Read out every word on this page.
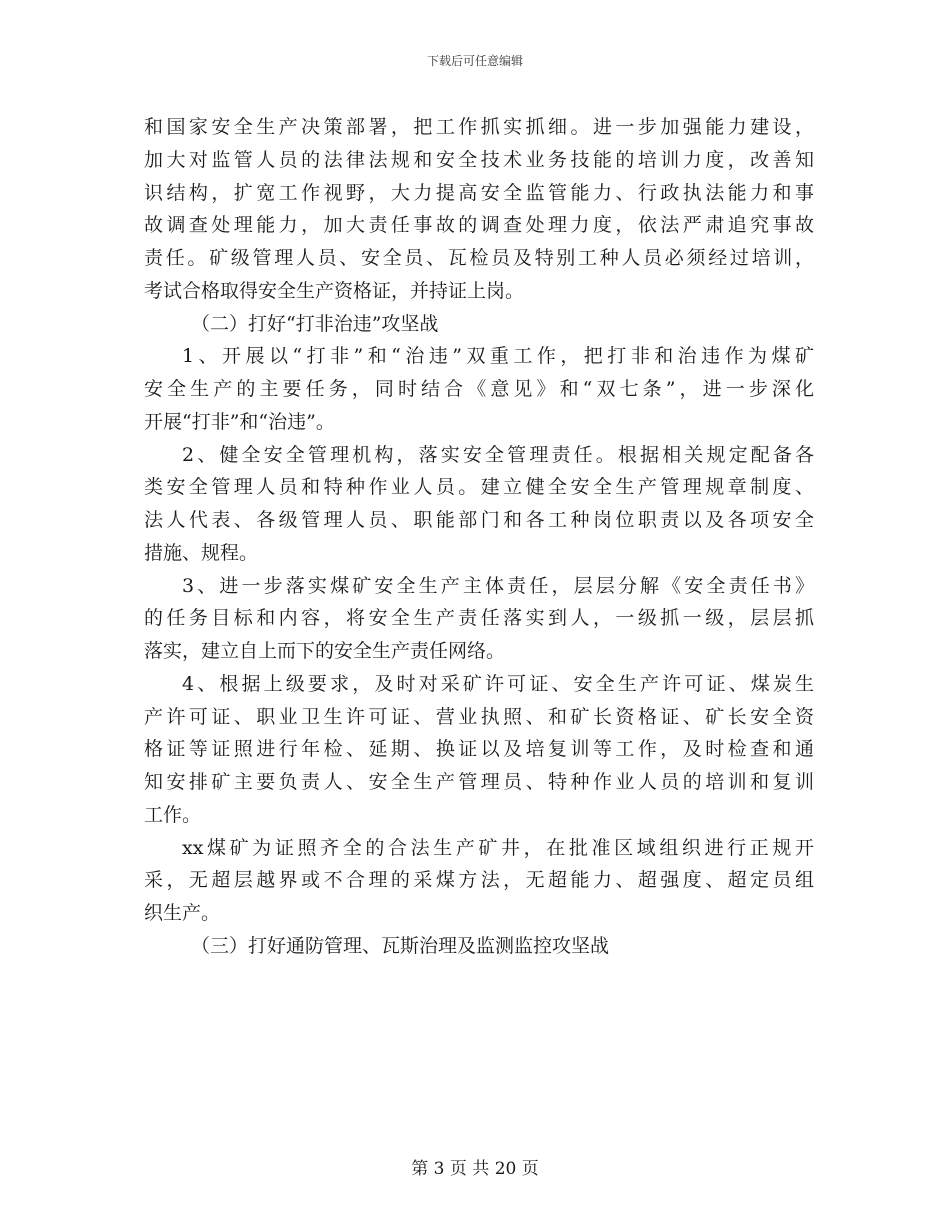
下载后可任意编辑
和国家安全生产决策部署，把工作抓实抓细。进一步加强能力建设，
加大对监管人员的法律法规和安全技术业务技能的培训力度，改善知
识结构，扩宽工作视野，大力提高安全监管能力、行政执法能力和事
故调查处理能力，加大责任事故的调查处理力度，依法严肃追究事故
责任。矿级管理人员、安全员、瓦检员及特别工种人员必须经过培训，
考试合格取得安全生产资格证，并持证上岗。
（二）打好“打非治违”攻坚战
1、开展以“打非”和“治违”双重工作，把打非和治违作为煤矿
安全生产的主要任务，同时结合《意见》和“双七条”，进一步深化
开展“打非”和“治违”。
2、健全安全管理机构，落实安全管理责任。根据相关规定配备各
类安全管理人员和特种作业人员。建立健全安全生产管理规章制度、
法人代表、各级管理人员、职能部门和各工种岗位职责以及各项安全
措施、规程。
3、进一步落实煤矿安全生产主体责任，层层分解《安全责任书》
的任务目标和内容，将安全生产责任落实到人，一级抓一级，层层抓
落实，建立自上而下的安全生产责任网络。
4、根据上级要求，及时对采矿许可证、安全生产许可证、煤炭生
产许可证、职业卫生许可证、营业执照、和矿长资格证、矿长安全资
格证等证照进行年检、延期、换证以及培复训等工作，及时检查和通
知安排矿主要负责人、安全生产管理员、特种作业人员的培训和复训
工作。
xx煤矿为证照齐全的合法生产矿井，在批准区域组织进行正规开
采，无超层越界或不合理的采煤方法，无超能力、超强度、超定员组
织生产。
（三）打好通防管理、瓦斯治理及监测监控攻坚战
第 3 页 共 20 页
